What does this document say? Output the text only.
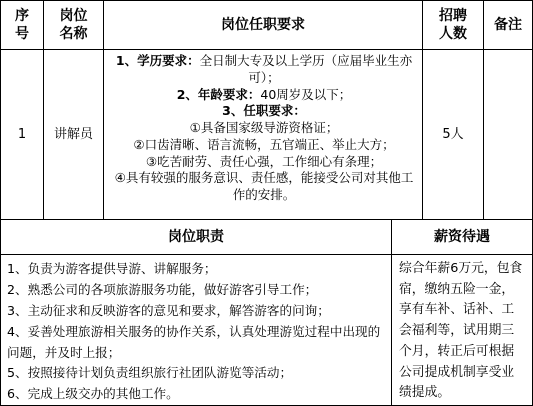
序
号
岗位
名称
岗位任职要求
招聘
人数
备注
1 讲解员
1、学历要求：全日制大专及以上学历（应届毕业生亦可）；
2、年龄要求：40周岁及以下；
3、任职要求：
①具备国家级导游资格证；
②口齿清晰、语言流畅，五官端正、举止大方；
③吃苦耐劳、责任心强，工作细心有条理；
④具有较强的服务意识、责任感，能接受公司对其他工作的安排。
5人
岗位职责	薪资待遇
1、负责为游客提供导游、讲解服务；
2、熟悉公司的各项旅游服务功能，做好游客引导工作；
3、主动征求和反映游客的意见和要求，解答游客的问询；
4、妥善处理旅游相关服务的协作关系，认真处理游览过程中出现的问题，并及时上报；
5、按照接待计划负责组织旅行社团队游览等活动；
6、完成上级交办的其他工作。
综合年薪6万元，包食宿，缴纳五险一金，享有车补、话补、工会福利等，试用期三个月，转正后可根据公司提成机制享受业绩提成。
